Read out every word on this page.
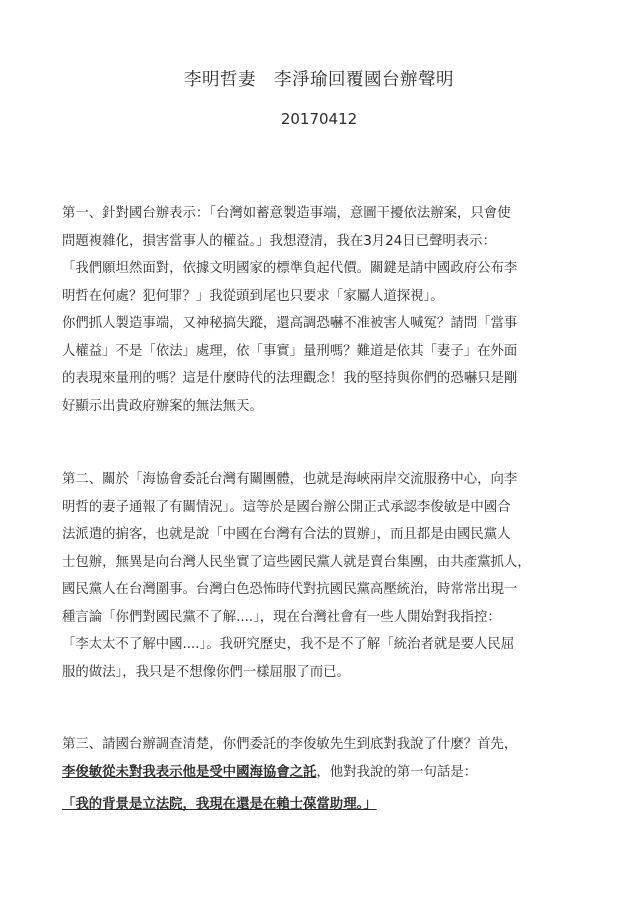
李明哲妻　李淨瑜回覆國台辦聲明
20170412
第一、針對國台辦表示：「台灣如蓄意製造事端，意圖干擾依法辦案，只會使
問題複雜化，損害當事人的權益。」我想澄清，我在3月24日已聲明表示：
「我們願坦然面對，依據文明國家的標準負起代價。關鍵是請中國政府公布李
明哲在何處？犯何罪？」我從頭到尾也只要求「家屬人道探視」。
你們抓人製造事端，又神秘搞失蹤，還高調恐嚇不准被害人喊冤？請問「當事
人權益」不是「依法」處理，依「事實」量刑嗎？難道是依其「妻子」在外面
的表現來量刑的嗎？這是什麼時代的法理觀念！我的堅持與你們的恐嚇只是剛
好顯示出貴政府辦案的無法無天。
第二、關於「海協會委託台灣有關團體，也就是海峽兩岸交流服務中心，向李
明哲的妻子通報了有關情況」。這等於是國台辦公開正式承認李俊敏是中國合
法派遣的掮客，也就是說「中國在台灣有合法的買辦」，而且都是由國民黨人
士包辦，無異是向台灣人民坐實了這些國民黨人就是賣台集團，由共產黨抓人，
國民黨人在台灣圍事。台灣白色恐怖時代對抗國民黨高壓統治，時常常出現一
種言論「你們對國民黨不了解....」，現在台灣社會有一些人開始對我指控：
「李太太不了解中國....」。我研究歷史，我不是不了解「統治者就是要人民屈
服的做法」，我只是不想像你們一樣屈服了而已。
第三、請國台辦調查清楚，你們委託的李俊敏先生到底對我說了什麼？首先，
李俊敏從未對我表示他是受中國海協會之託，他對我說的第一句話是：
「我的背景是立法院，我現在還是在賴士葆當助理。」
